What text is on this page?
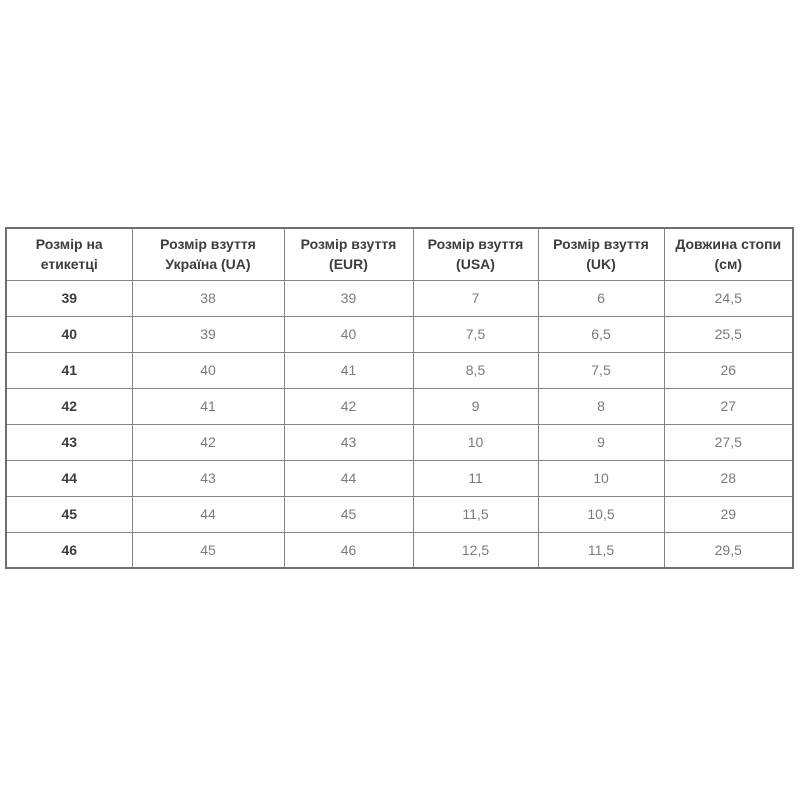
Розмір на етикетці	Розмір взуття Україна (UA)	Розмір взуття (EUR)	Розмір взуття (USA)	Розмір взуття (UK)	Довжина стопи (см)
39	38	39	7	6	24,5
40	39	40	7,5	6,5	25,5
41	40	41	8,5	7,5	26
42	41	42	9	8	27
43	42	43	10	9	27,5
44	43	44	11	10	28
45	44	45	11,5	10,5	29
46	45	46	12,5	11,5	29,5
